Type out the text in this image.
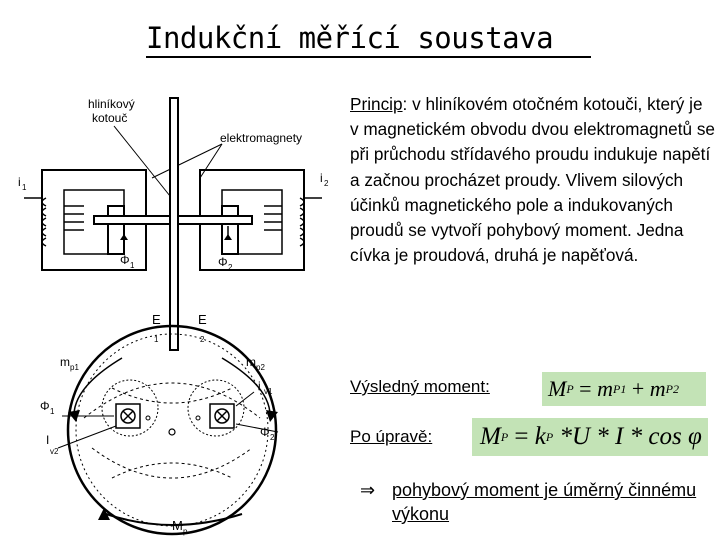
Indukční měřící soustava
hliníkový
kotouč
elektromagnety
Φ 1
i 1
Φ 2
i 2
E
1
E
2
m p1	m p2
i v1
Φ 1
Φ 2
I
v2
M p
Princip: v hliníkovém otočném kotouči, který je v magnetickém obvodu dvou elektromagnetů se při průchodu střídavého proudu indukuje napětí a začnou procházet proudy. Vlivem silových účinků magnetického pole a indukovaných proudů se vytvoří pohybový moment. Jedna cívka je proudová, druhá je napěťová.
Výsledný moment:	M P = m P1 + m P2
Po úpravě: M P = k P *U * I * cos φ
⇒ pohybový moment je úměrný činnému výkonu
